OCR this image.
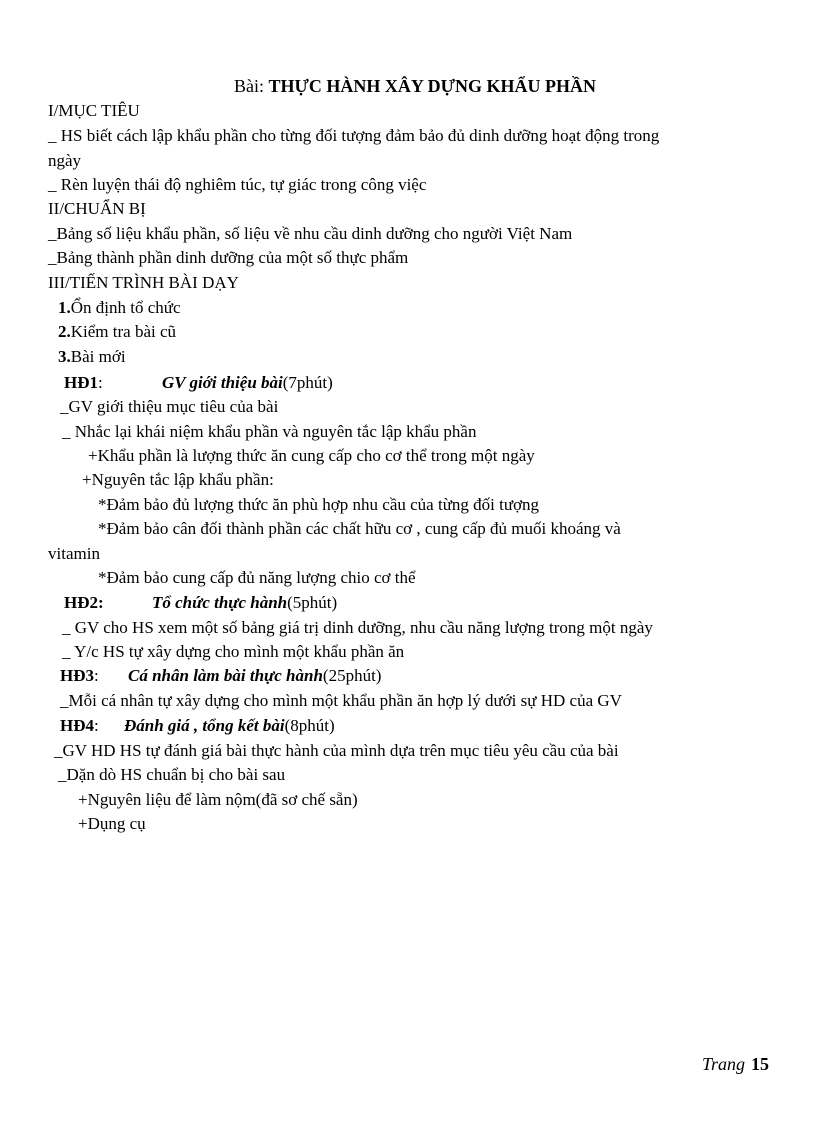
Bài: THỰC HÀNH XÂY DỰNG KHẨU PHẦN
I/MỤC TIÊU
_ HS biết cách lập khẩu phần cho từng đối tượng đảm bảo đủ dinh dưỡng hoạt động trong
ngày
_ Rèn luyện thái độ nghiêm túc, tự giác trong công việc
II/CHUẨN BỊ
_Bảng số liệu khẩu phần, số liệu về nhu cầu dinh dưỡng cho người Việt Nam
_Bảng thành phần dinh dưỡng của một số thực phẩm
III/TIẾN TRÌNH BÀI DẠY
1.Ổn định tổ chức
2.Kiểm tra bài cũ
3.Bài mới
HĐ1:	GV giới thiệu bài(7phút)
_GV giới thiệu mục tiêu của bài
_ Nhắc lại khái niệm khẩu phần và nguyên tắc lập khẩu phần
+Khẩu phần là lượng thức ăn cung cấp cho cơ thể trong một ngày
+Nguyên tắc lập khẩu phần:
*Đảm bảo đủ lượng thức ăn phù hợp nhu cầu của từng đối tượng
*Đảm bảo cân đối thành phần các chất hữu cơ , cung cấp đủ muối khoáng và
vitamin
*Đảm bảo cung cấp đủ năng lượng chio cơ thể
HĐ2:	Tổ chức thực hành(5phút)
_ GV cho HS xem một số bảng giá trị dinh dưỡng, nhu cầu năng lượng trong một ngày
_ Y/c HS tự xây dựng cho mình một khẩu phần ăn
HĐ3: Cá nhân làm bài thực hành(25phút)
_Mỗi cá nhân tự xây dựng cho mình một khẩu phần ăn hợp lý dưới sự HD của GV
HĐ4: Đánh giá , tổng kết bài(8phút)
_GV HD HS tự đánh giá bài thực hành của mình dựa trên mục tiêu yêu cầu của bài
_Dặn dò HS chuẩn bị cho bài sau
+Nguyên liệu để làm nộm(đã sơ chế sẵn)
+Dụng cụ
Trang 15
